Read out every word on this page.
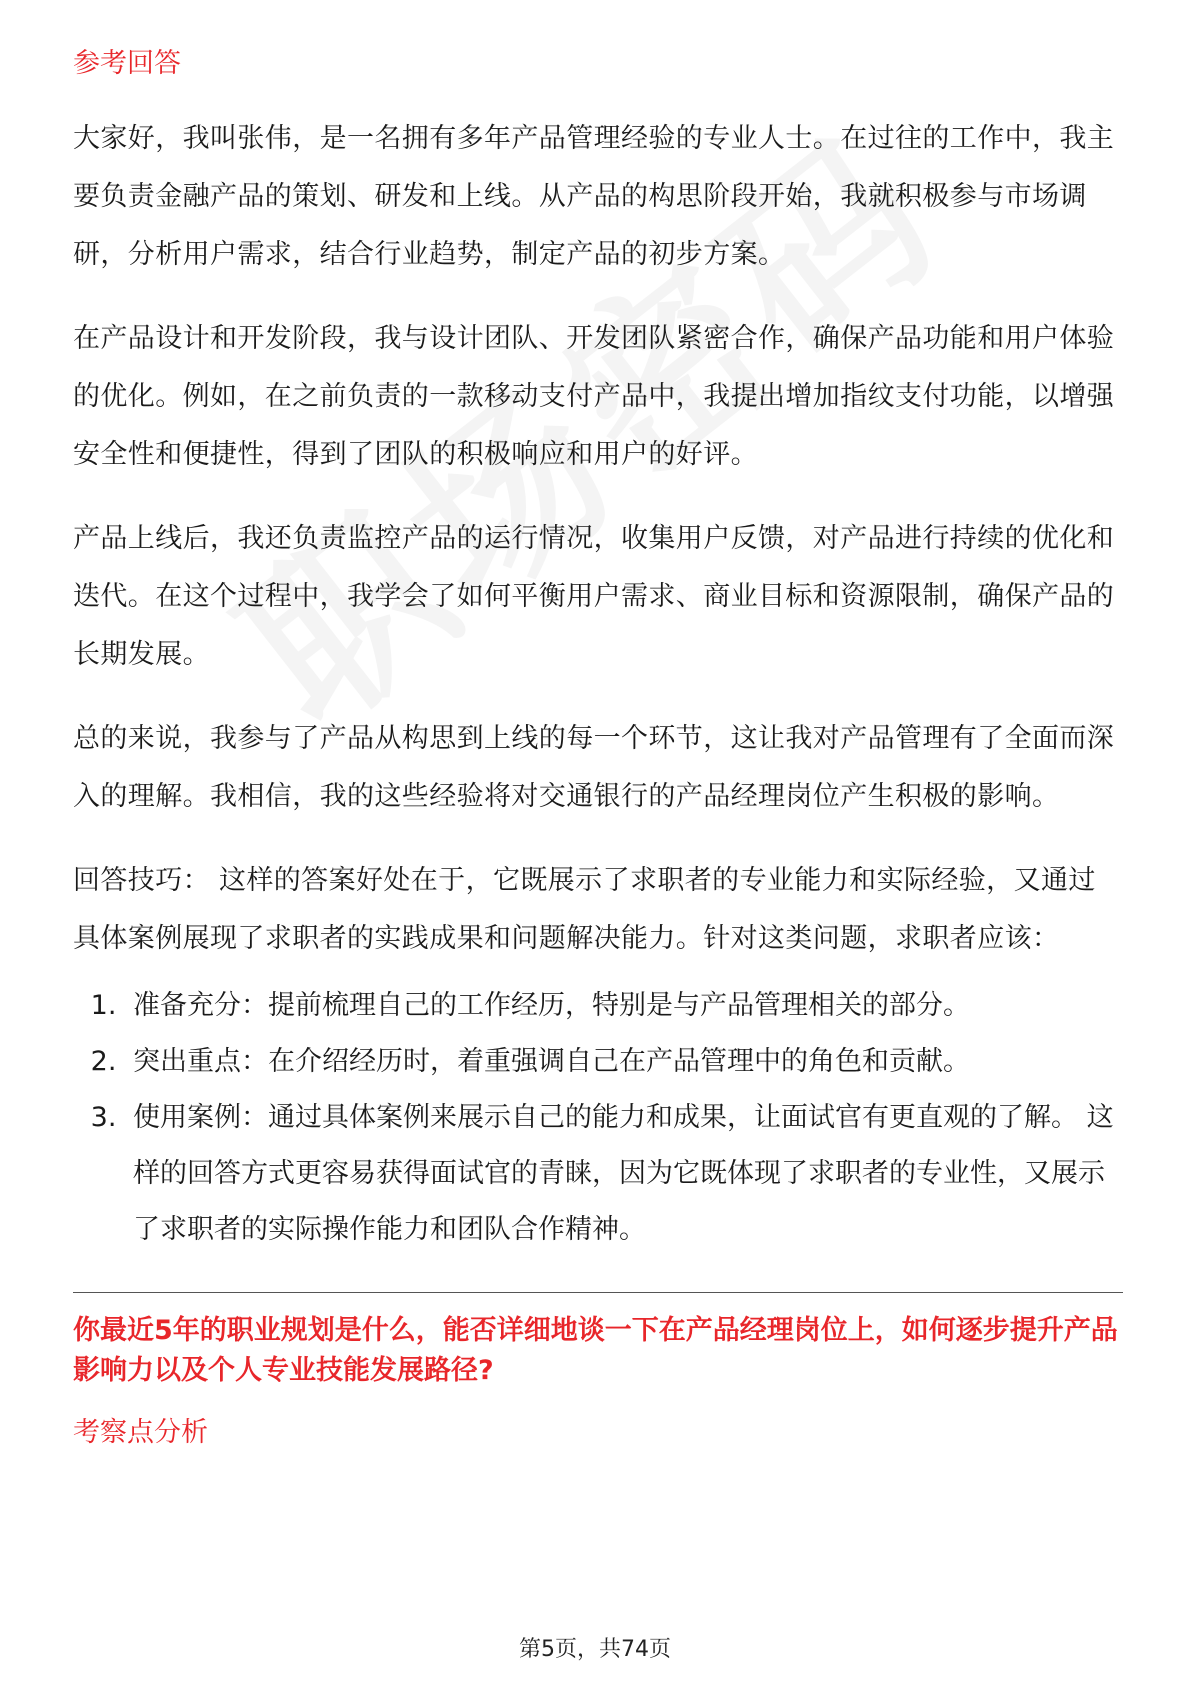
参考回答

大家好，我叫张伟，是一名拥有多年产品管理经验的专业人士。在过往的工作中，我主要负责金融产品的策划、研发和上线。从产品的构思阶段开始，我就积极参与市场调研，分析用户需求，结合行业趋势，制定产品的初步方案。

在产品设计和开发阶段，我与设计团队、开发团队紧密合作，确保产品功能和用户体验的优化。例如，在之前负责的一款移动支付产品中，我提出增加指纹支付功能，以增强安全性和便捷性，得到了团队的积极响应和用户的好评。

产品上线后，我还负责监控产品的运行情况，收集用户反馈，对产品进行持续的优化和迭代。在这个过程中，我学会了如何平衡用户需求、商业目标和资源限制，确保产品的长期发展。

总的来说，我参与了产品从构思到上线的每一个环节，这让我对产品管理有了全面而深入的理解。我相信，我的这些经验将对交通银行的产品经理岗位产生积极的影响。

回答技巧： 这样的答案好处在于，它既展示了求职者的专业能力和实际经验，又通过具体案例展现了求职者的实践成果和问题解决能力。针对这类问题，求职者应该：

1. 准备充分：提前梳理自己的工作经历，特别是与产品管理相关的部分。
2. 突出重点：在介绍经历时，着重强调自己在产品管理中的角色和贡献。
3. 使用案例：通过具体案例来展示自己的能力和成果，让面试官有更直观的了解。 这样的回答方式更容易获得面试官的青睐，因为它既体现了求职者的专业性，又展示了求职者的实际操作能力和团队合作精神。
你最近5年的职业规划是什么，能否详细地谈一下在产品经理岗位上，如何逐步提升产品影响力以及个人专业技能发展路径?
考察点分析
第5页，共74页
